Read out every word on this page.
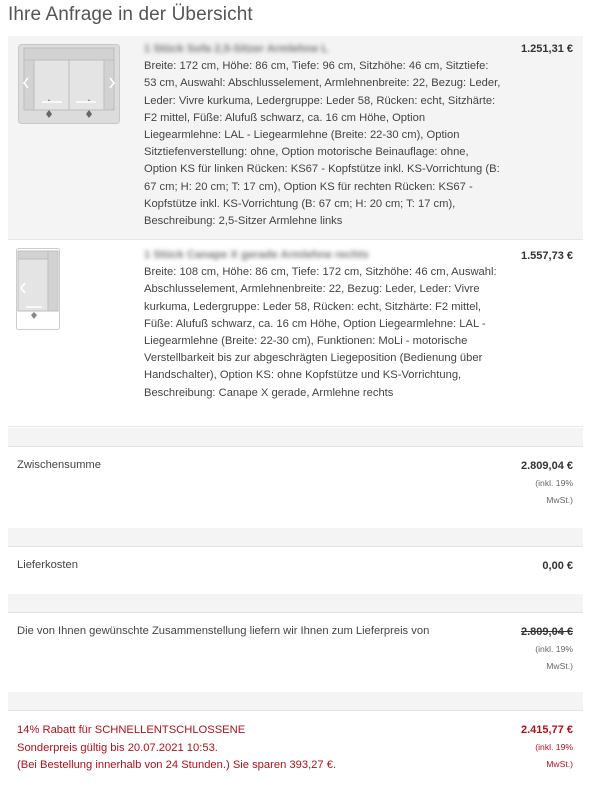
Ihre Anfrage in der Übersicht
1 Stück Sofa 2,5-Sitzer Armlehne L
Breite: 172 cm, Höhe: 86 cm, Tiefe: 96 cm, Sitzhöhe: 46 cm, Sitztiefe: 53 cm, Auswahl: Abschlusselement, Armlehnenbreite: 22, Bezug: Leder, Leder: Vivre kurkuma, Ledergruppe: Leder 58, Rücken: echt, Sitzhärte: F2 mittel, Füße: Alufuß schwarz, ca. 16 cm Höhe, Option Liegearmlehne: LAL - Liegearmlehne (Breite: 22-30 cm), Option Sitztiefenverstellung: ohne, Option motorische Beinauflage: ohne, Option KS für linken Rücken: KS67 - Kopfstütze inkl. KS-Vorrichtung (B: 67 cm; H: 20 cm; T: 17 cm), Option KS für rechten Rücken: KS67 - Kopfstütze inkl. KS-Vorrichtung (B: 67 cm; H: 20 cm; T: 17 cm), Beschreibung: 2,5-Sitzer Armlehne links
1.251,31 €
1 Stück Canape X gerade Armlehne rechts
Breite: 108 cm, Höhe: 86 cm, Tiefe: 172 cm, Sitzhöhe: 46 cm, Auswahl: Abschlusselement, Armlehnenbreite: 22, Bezug: Leder, Leder: Vivre kurkuma, Ledergruppe: Leder 58, Rücken: echt, Sitzhärte: F2 mittel, Füße: Alufuß schwarz, ca. 16 cm Höhe, Option Liegearmlehne: LAL - Liegearmlehne (Breite: 22-30 cm), Funktionen: MoLi - motorische Verstellbarkeit bis zur abgeschrägten Liegeposition (Bedienung über Handschalter), Option KS: ohne Kopfstütze und KS-Vorrichtung, Beschreibung: Canape X gerade, Armlehne rechts
1.557,73 €
Zwischensumme	2.809,04 €
(inkl. 19%
MwSt.)
Lieferkosten	0,00 €
Die von Ihnen gewünschte Zusammenstellung liefern wir Ihnen zum Lieferpreis von	2.809,04 €
(inkl. 19%
MwSt.)
14% Rabatt für SCHNELLENTSCHLOSSENE
Sonderpreis gültig bis 20.07.2021 10:53.
(Bei Bestellung innerhalb von 24 Stunden.) Sie sparen 393,27 €.
2.415,77 €
(inkl. 19%
MwSt.)
